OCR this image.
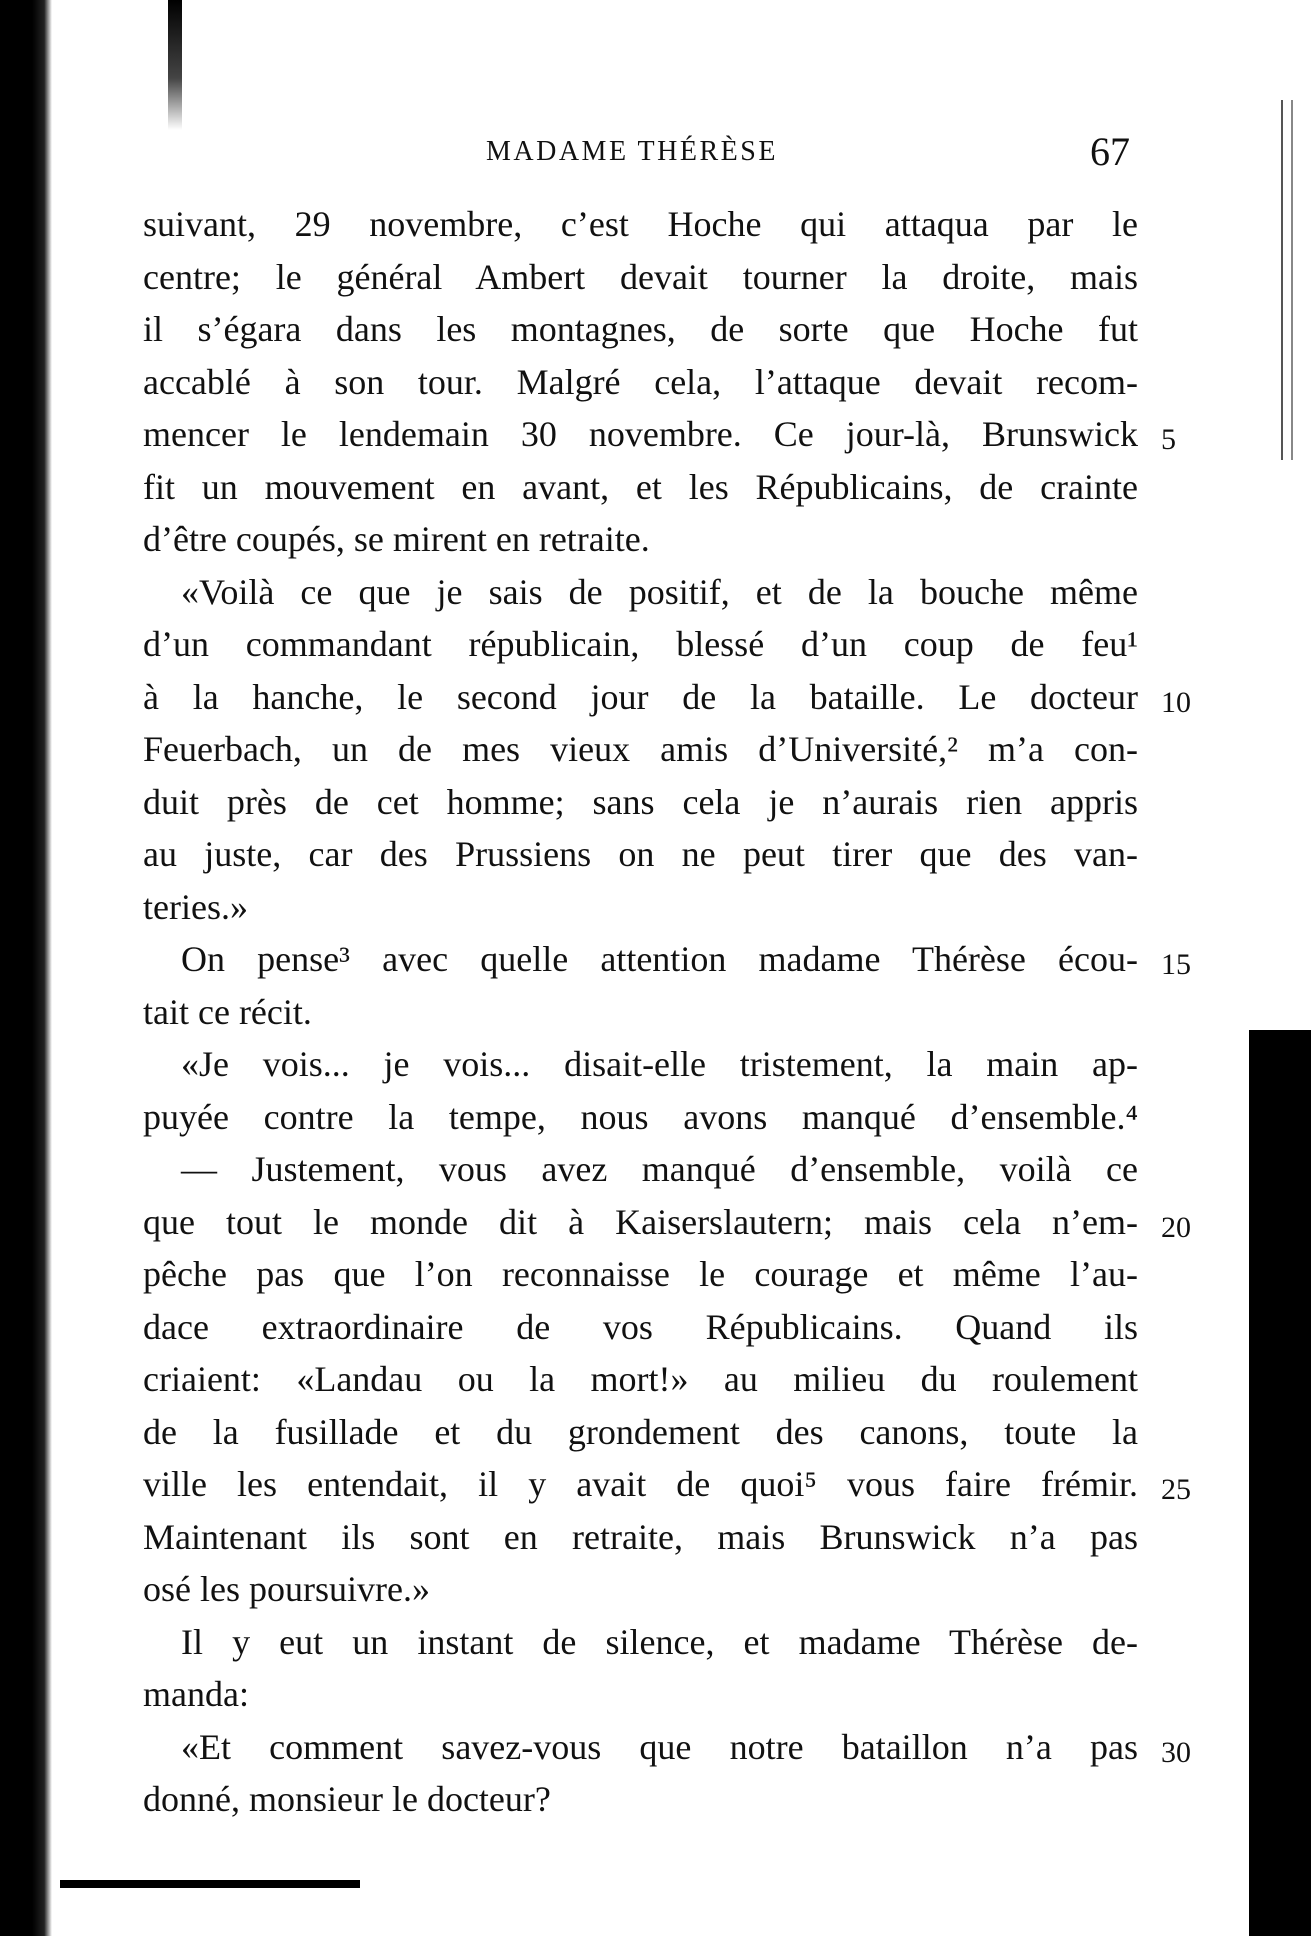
MADAME THÉRÈSE	67
suivant, 29 novembre, c’est Hoche qui attaqua par le
centre; le général Ambert devait tourner la droite, mais
il s’égara dans les montagnes, de sorte que Hoche fut
accablé à son tour. Malgré cela, l’attaque devait recom-
mencer le lendemain 30 novembre. Ce jour-là, Brunswick 5
fit un mouvement en avant, et les Républicains, de crainte
d’être coupés, se mirent en retraite.
«Voilà ce que je sais de positif, et de la bouche même
d’un commandant républicain, blessé d’un coup de feu¹
à la hanche, le second jour de la bataille. Le docteur 10
Feuerbach, un de mes vieux amis d’Université,² m’a con-
duit près de cet homme; sans cela je n’aurais rien appris
au juste, car des Prussiens on ne peut tirer que des van-
teries.»
On pense³ avec quelle attention madame Thérèse écou- 15
tait ce récit.
«Je vois... je vois... disait-elle tristement, la main ap-
puyée contre la tempe, nous avons manqué d’ensemble.⁴
— Justement, vous avez manqué d’ensemble, voilà ce
que tout le monde dit à Kaiserslautern; mais cela n’em- 20
pêche pas que l’on reconnaisse le courage et même l’au-
dace extraordinaire de vos Républicains. Quand ils
criaient: «Landau ou la mort!» au milieu du roulement
de la fusillade et du grondement des canons, toute la
ville les entendait, il y avait de quoi⁵ vous faire frémir. 25
Maintenant ils sont en retraite, mais Brunswick n’a pas
osé les poursuivre.»
Il y eut un instant de silence, et madame Thérèse de-
manda:
«Et comment savez-vous que notre bataillon n’a pas 30
donné, monsieur le docteur?
